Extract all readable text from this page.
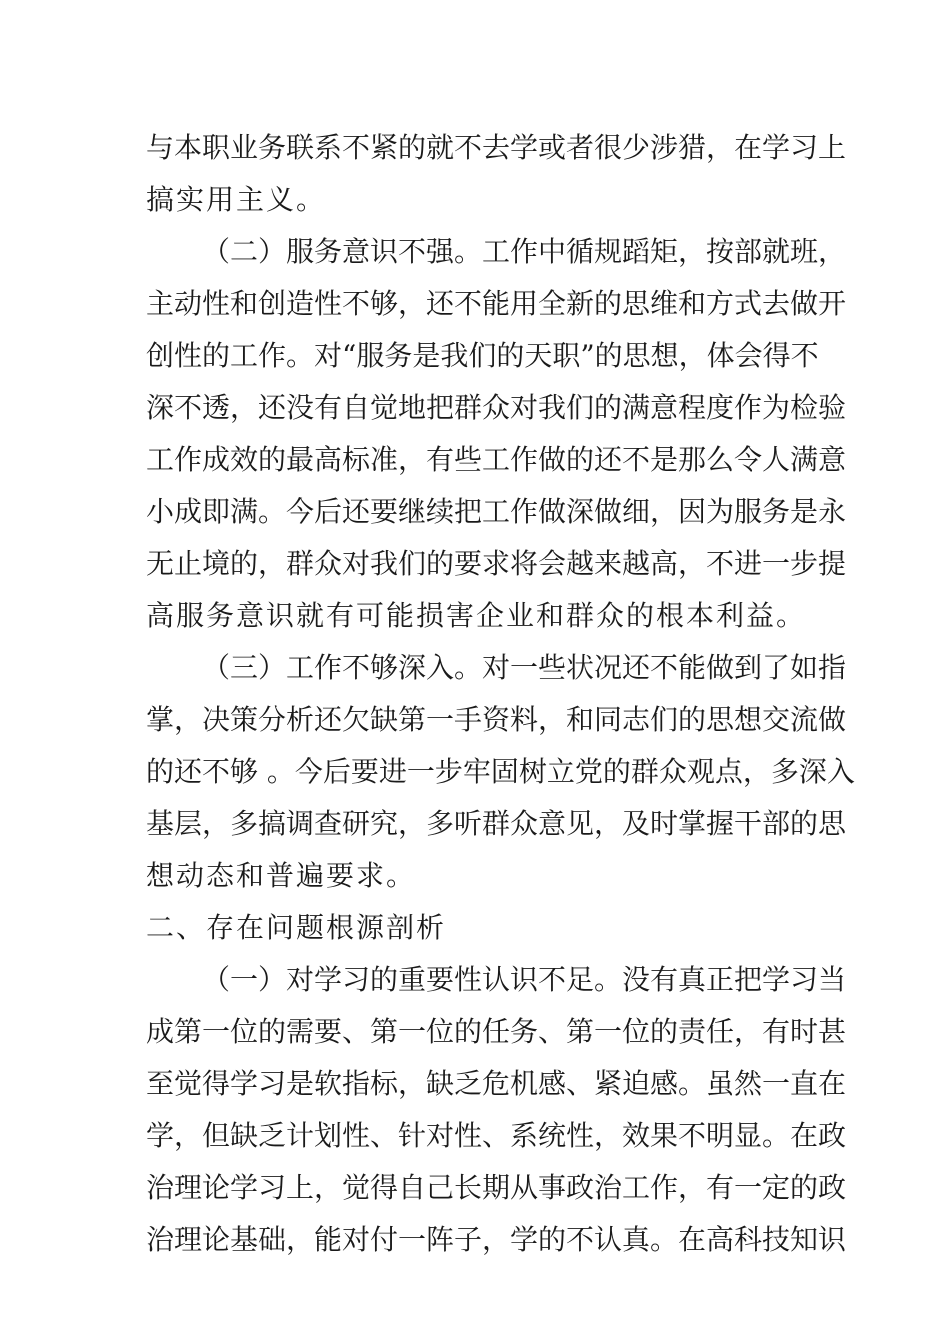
与本职业务联系不紧的就不去学或者很少涉猎，在学习上
搞实用主义。
（二）服务意识不强。工作中循规蹈矩，按部就班，
主动性和创造性不够，还不能用全新的思维和方式去做开
创性的工作。对“服务是我们的天职”的思想，体会得不
深不透，还没有自觉地把群众对我们的满意程度作为检验
工作成效的最高标准，有些工作做的还不是那么令人满意
小成即满。今后还要继续把工作做深做细，因为服务是永
无止境的，群众对我们的要求将会越来越高，不进一步提
高服务意识就有可能损害企业和群众的根本利益。
（三）工作不够深入。对一些状况还不能做到了如指
掌，决策分析还欠缺第一手资料，和同志们的思想交流做
的还不够 。今后要进一步牢固树立党的群众观点，多深入
基层，多搞调查研究，多听群众意见，及时掌握干部的思
想动态和普遍要求。
二、存在问题根源剖析
（一）对学习的重要性认识不足。没有真正把学习当
成第一位的需要、第一位的任务、第一位的责任，有时甚
至觉得学习是软指标，缺乏危机感、紧迫感。虽然一直在
学，但缺乏计划性、针对性、系统性，效果不明显。在政
治理论学习上，觉得自己长期从事政治工作，有一定的政
治理论基础，能对付一阵子，学的不认真。在高科技知识
